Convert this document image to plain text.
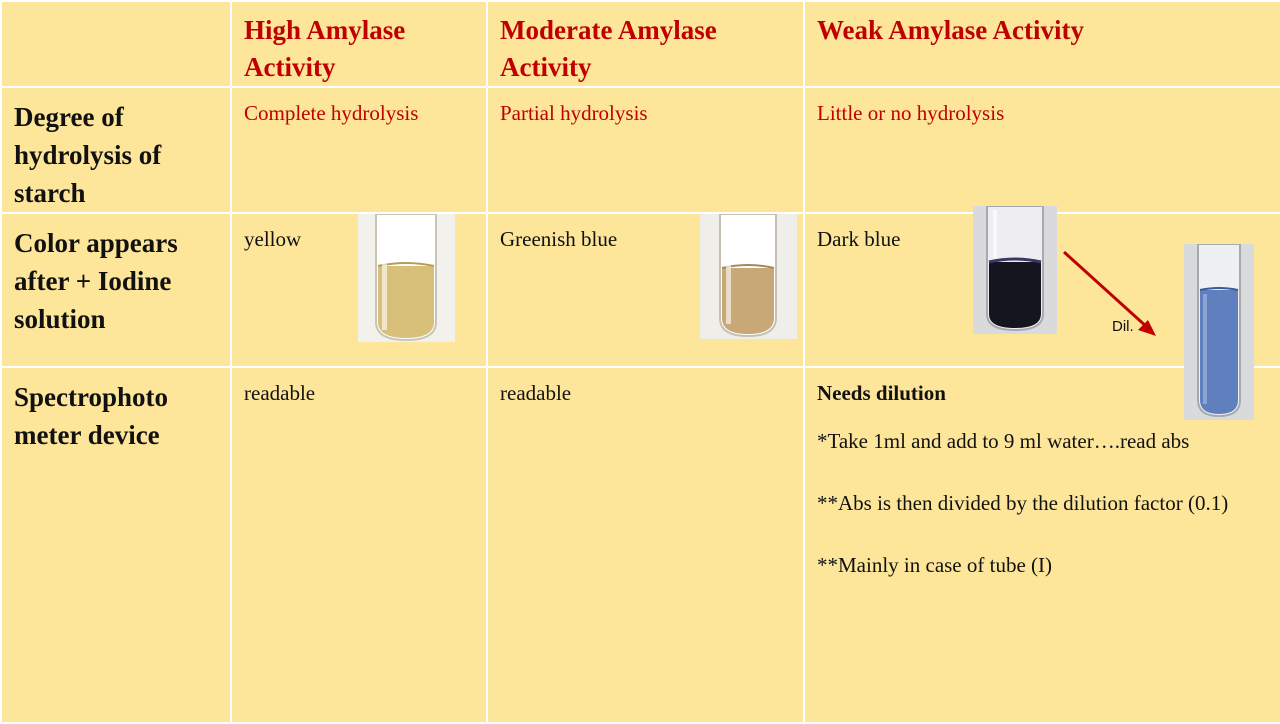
	High Amylase Activity	Moderate Amylase Activity	Weak Amylase Activity
Degree of hydrolysis of starch	Complete hydrolysis	Partial hydrolysis	Little or no hydrolysis
Color appears after + Iodine solution	yellow	Greenish blue	Dark blue
Spectrophoto meter device	readable	readable	Needs dilution

*Take 1ml and add to 9 ml water….read abs

**Abs is then divided by the dilution factor (0.1)

**Mainly in case of tube (I)

Dil.
